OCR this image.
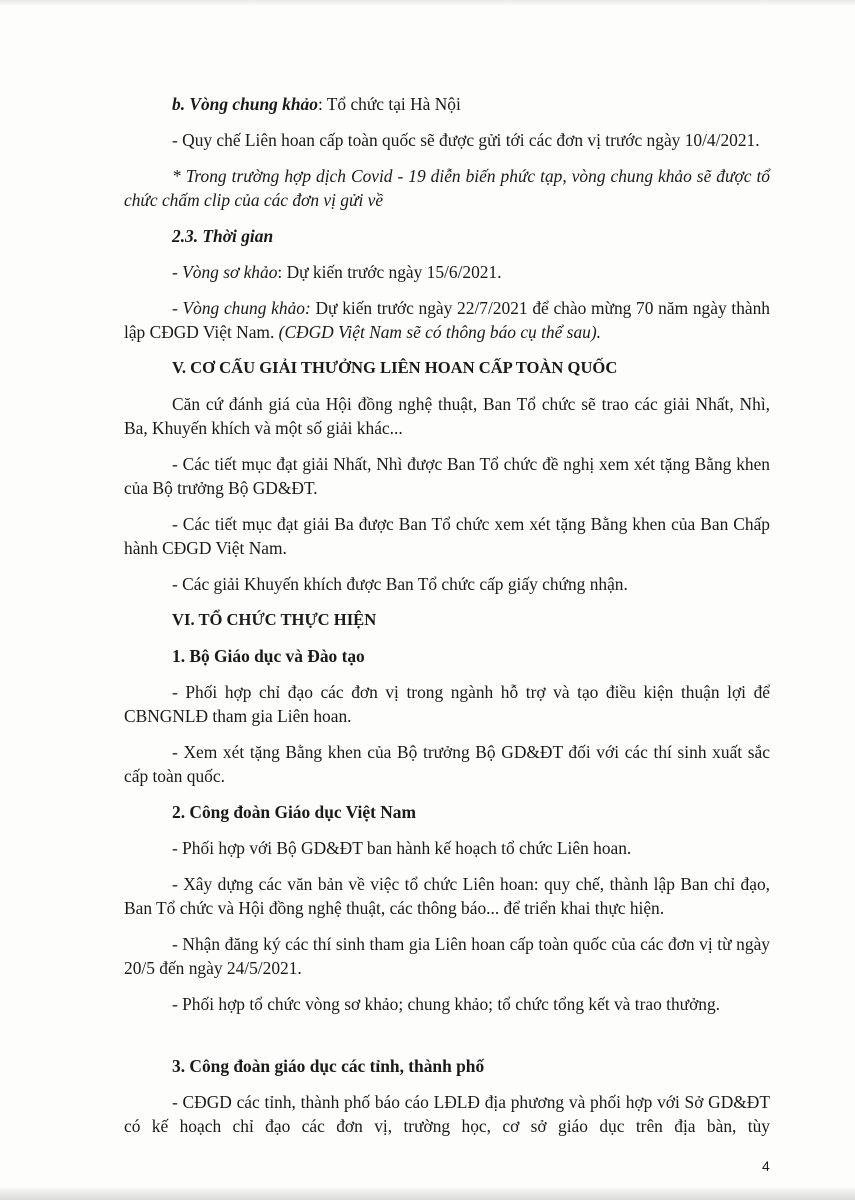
b. Vòng chung khảo: Tổ chức tại Hà Nội

- Quy chế Liên hoan cấp toàn quốc sẽ được gửi tới các đơn vị trước ngày 10/4/2021.

* Trong trường hợp dịch Covid - 19 diễn biến phức tạp, vòng chung khảo sẽ được tổ chức chấm clip của các đơn vị gửi về

2.3. Thời gian

- Vòng sơ khảo: Dự kiến trước ngày 15/6/2021.

- Vòng chung khảo: Dự kiến trước ngày 22/7/2021 để chào mừng 70 năm ngày thành lập CĐGD Việt Nam. (CĐGD Việt Nam sẽ có thông báo cụ thể sau).

V. CƠ CẤU GIẢI THƯỞNG LIÊN HOAN CẤP TOÀN QUỐC

Căn cứ đánh giá của Hội đồng nghệ thuật, Ban Tổ chức sẽ trao các giải Nhất, Nhì, Ba, Khuyến khích và một số giải khác...

- Các tiết mục đạt giải Nhất, Nhì được Ban Tổ chức đề nghị xem xét tặng Bằng khen của Bộ trưởng Bộ GD&ĐT.

- Các tiết mục đạt giải Ba được Ban Tổ chức xem xét tặng Bằng khen của Ban Chấp hành CĐGD Việt Nam.

- Các giải Khuyến khích được Ban Tổ chức cấp giấy chứng nhận.

VI. TỔ CHỨC THỰC HIỆN

1. Bộ Giáo dục và Đào tạo

- Phối hợp chỉ đạo các đơn vị trong ngành hỗ trợ và tạo điều kiện thuận lợi để CBNGNLĐ tham gia Liên hoan.

- Xem xét tặng Bằng khen của Bộ trưởng Bộ GD&ĐT đối với các thí sinh xuất sắc cấp toàn quốc.

2. Công đoàn Giáo dục Việt Nam

- Phối hợp với Bộ GD&ĐT ban hành kế hoạch tổ chức Liên hoan.

- Xây dựng các văn bản về việc tổ chức Liên hoan: quy chế, thành lập Ban chỉ đạo, Ban Tổ chức và Hội đồng nghệ thuật, các thông báo... để triển khai thực hiện.

- Nhận đăng ký các thí sinh tham gia Liên hoan cấp toàn quốc của các đơn vị từ ngày 20/5 đến ngày 24/5/2021.

- Phối hợp tổ chức vòng sơ khảo; chung khảo; tổ chức tổng kết và trao thưởng.

3. Công đoàn giáo dục các tỉnh, thành phố

- CĐGD các tỉnh, thành phố báo cáo LĐLĐ địa phương và phối hợp với Sở GD&ĐT có kế hoạch chỉ đạo các đơn vị, trường học, cơ sở giáo dục trên địa bàn, tùy

4
